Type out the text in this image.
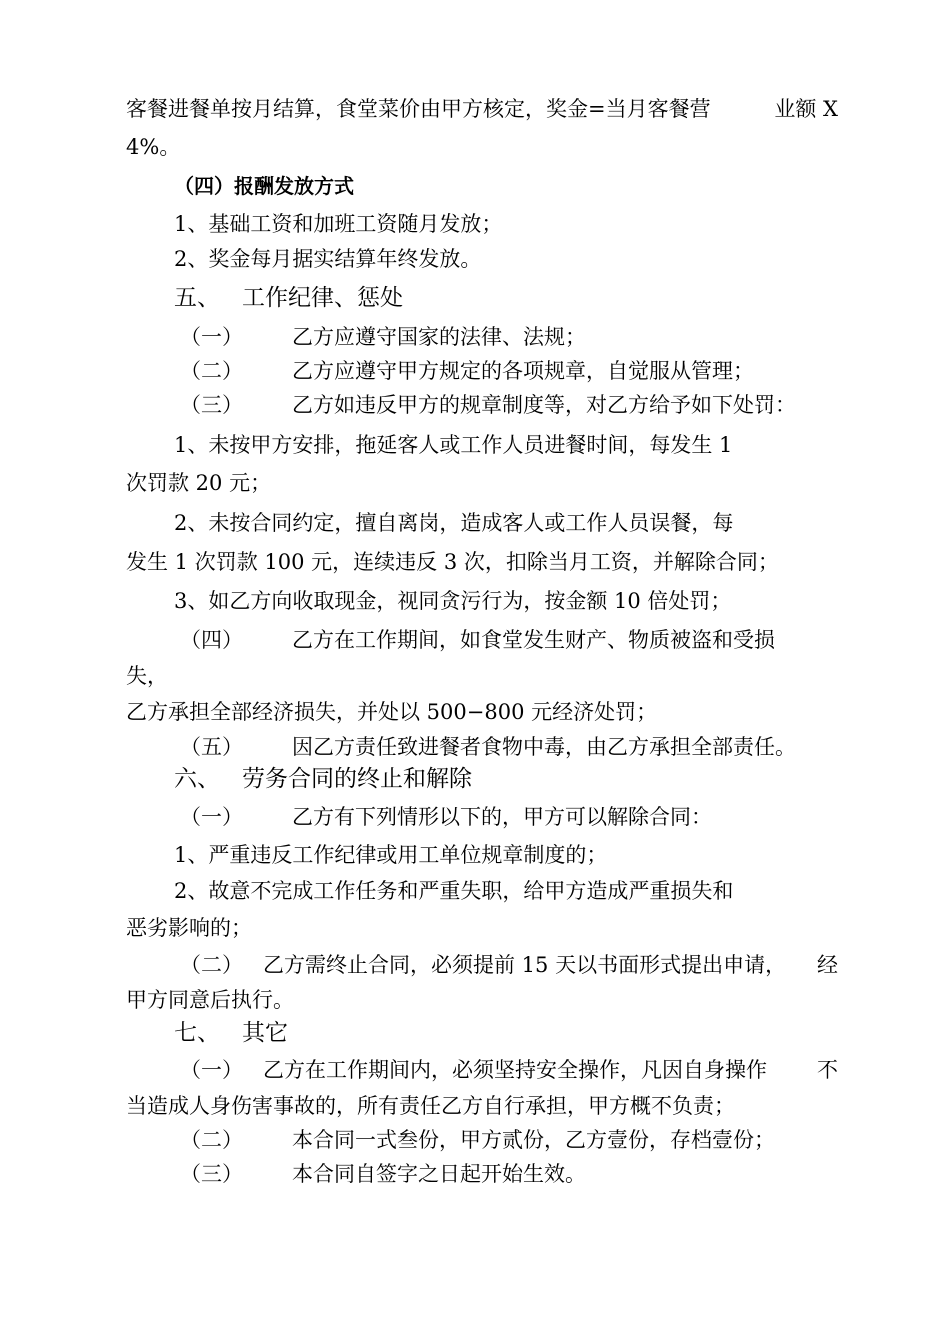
客餐进餐单按月结算，食堂菜价由甲方核定，奖金=当月客餐营	业额 X
4%。
（四）报酬发放方式
1、基础工资和加班工资随月发放；
2、奖金每月据实结算年终发放。
五、 工作纪律、惩处
（一） 乙方应遵守国家的法律、法规；
（二） 乙方应遵守甲方规定的各项规章，自觉服从管理；
（三） 乙方如违反甲方的规章制度等，对乙方给予如下处罚：
1、未按甲方安排，拖延客人或工作人员进餐时间，每发生 1
次罚款 20 元；
2、未按合同约定，擅自离岗，造成客人或工作人员误餐，每
发生 1 次罚款 100 元，连续违反 3 次，扣除当月工资，并解除合同；
3、如乙方向收取现金，视同贪污行为，按金额 10 倍处罚；
（四） 乙方在工作期间，如食堂发生财产、物质被盗和受损
失，
乙方承担全部经济损失，并处以 500−800 元经济处罚；
（五） 因乙方责任致进餐者食物中毒，由乙方承担全部责任。
六、 劳务合同的终止和解除
（一） 乙方有下列情形以下的，甲方可以解除合同：
1、严重违反工作纪律或用工单位规章制度的；
2、故意不完成工作任务和严重失职，给甲方造成严重损失和
恶劣影响的；
（二） 乙方需终止合同，必须提前 15 天以书面形式提出申请， 经
甲方同意后执行。
七、 其它
（一） 乙方在工作期间内，必须坚持安全操作，凡因自身操作 不
当造成人身伤害事故的，所有责任乙方自行承担，甲方概不负责；
（二） 本合同一式叁份，甲方贰份，乙方壹份，存档壹份；
（三） 本合同自签字之日起开始生效。
